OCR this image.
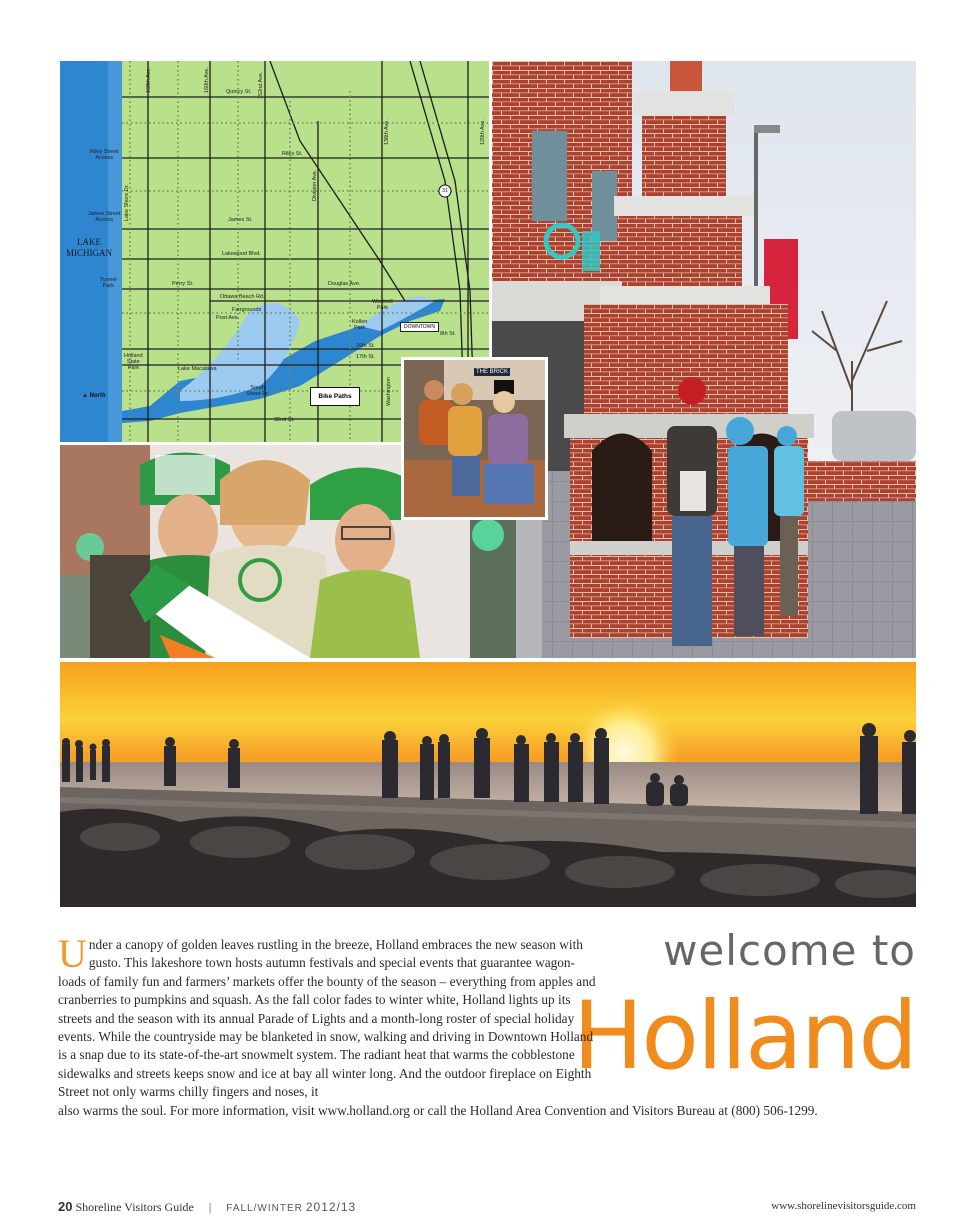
LAKE
MICHIGAN
▲ North	Bike Paths
DOWNTOWN
Quincy St.
Riley St.
James St.
Lakewood Blvd.
Perry St.	Douglas Ave.
Ottawa Beach Rd.
Fairgrounds
Post Ave.
8th St.
16th St.
17th St.
South
Shore Dr.
32nd St.
Lake Macatawa
Riley Street
Access
James Street
Access
Tunnel
Park
Holland
State
Park
Kollen
Park
Windmill
Park
31
168th Ave.	160th Ave.	152nd Ave.
Division Ave.
136th Ave.	120th Ave.
Lake Shore Dr.
Washington
THE BRICK
welcome to
Holland
Under a canopy of golden leaves rustling in the breeze, Holland embraces the new season with gusto. This lakeshore town hosts autumn festivals and special events that guarantee wagon-loads of family fun and farmers’ markets offer the bounty of the season – everything from apples and cranberries to pumpkins and squash. As the fall color fades to winter white, Holland lights up its streets and the season with its annual Parade of Lights and a month-long roster of special holiday events. While the countryside may be blanketed in snow, walking and driving in Downtown Holland is a snap due to its state-of-the-art snowmelt system. The radiant heat that warms the cobblestone sidewalks and streets keeps snow and ice at bay all winter long. And the outdoor fireplace on Eighth Street not only warms chilly fingers and noses, it
also warms the soul. For more information, visit www.holland.org or call the Holland Area Convention and Visitors Bureau at (800) 506-1299.
20 Shoreline Visitors Guide | FALL/WINTER 2012/13	www.shorelinevisitorsguide.com
